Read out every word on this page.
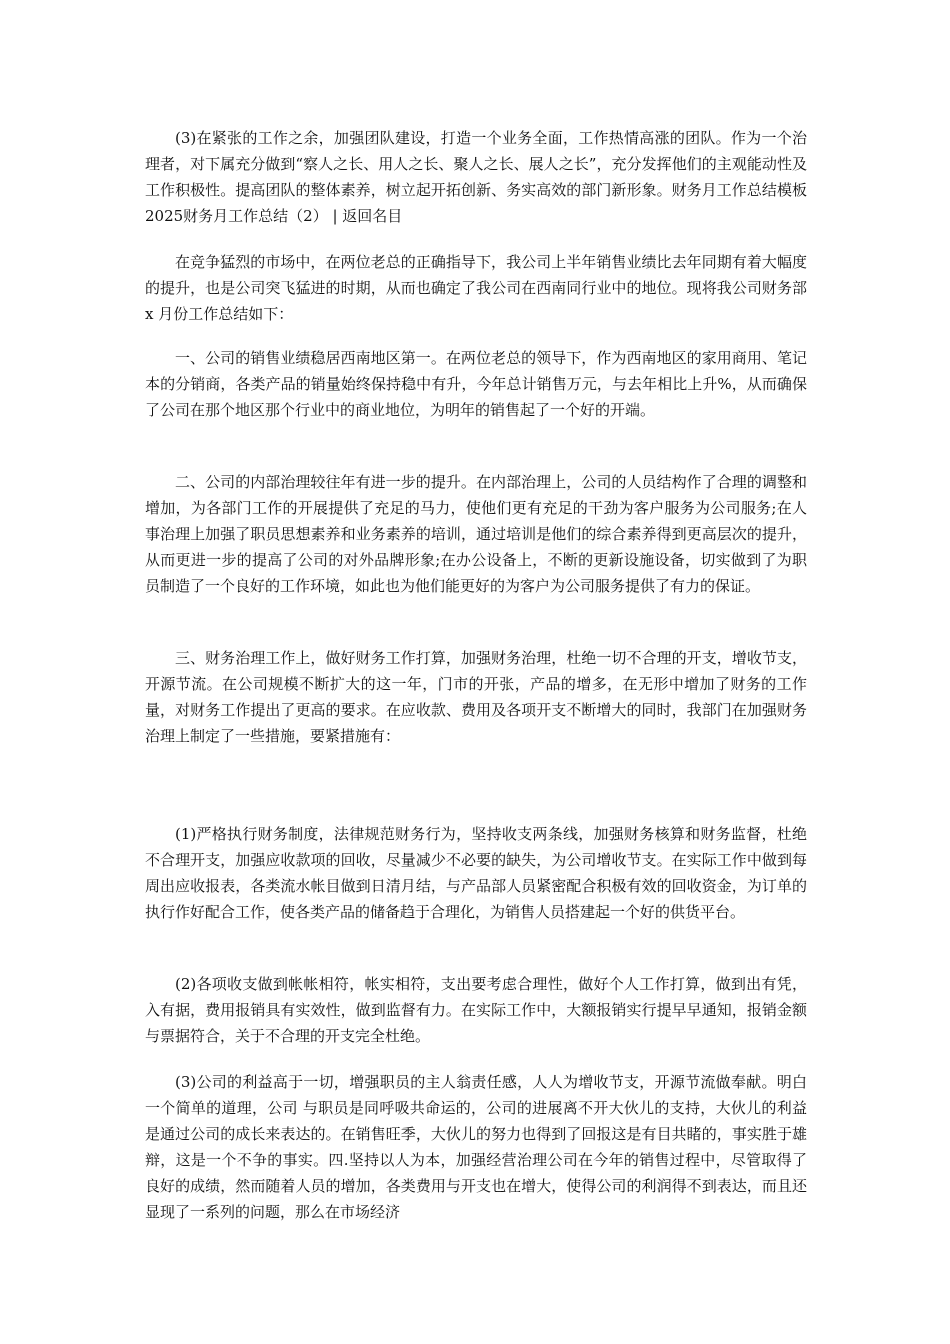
(3)在紧张的工作之余，加强团队建设，打造一个业务全面，工作热情高涨的团队。作为一个治理者，对下属充分做到“察人之长、用人之长、聚人之长、展人之长”，充分发挥他们的主观能动性及工作积极性。提高团队的整体素养，树立起开拓创新、务实高效的部门新形象。财务月工作总结模板2025财务月工作总结（2） | 返回名目

在竞争猛烈的市场中，在两位老总的正确指导下，我公司上半年销售业绩比去年同期有着大幅度的提升，也是公司突飞猛进的时期，从而也确定了我公司在西南同行业中的地位。现将我公司财务部 x 月份工作总结如下：

一、公司的销售业绩稳居西南地区第一。在两位老总的领导下，作为西南地区的家用商用、笔记本的分销商，各类产品的销量始终保持稳中有升，今年总计销售万元，与去年相比上升%，从而确保了公司在那个地区那个行业中的商业地位，为明年的销售起了一个好的开端。

二、公司的内部治理较往年有进一步的提升。在内部治理上，公司的人员结构作了合理的调整和增加，为各部门工作的开展提供了充足的马力，使他们更有充足的干劲为客户服务为公司服务;在人事治理上加强了职员思想素养和业务素养的培训，通过培训是他们的综合素养得到更高层次的提升，从而更进一步的提高了公司的对外品牌形象;在办公设备上，不断的更新设施设备，切实做到了为职员制造了一个良好的工作环境，如此也为他们能更好的为客户为公司服务提供了有力的保证。

三、财务治理工作上，做好财务工作打算，加强财务治理，杜绝一切不合理的开支，增收节支，开源节流。在公司规模不断扩大的这一年，门市的开张，产品的增多，在无形中增加了财务的工作量，对财务工作提出了更高的要求。在应收款、费用及各项开支不断增大的同时，我部门在加强财务治理上制定了一些措施，要紧措施有：

(1)严格执行财务制度，法律规范财务行为，坚持收支两条线，加强财务核算和财务监督，杜绝不合理开支，加强应收款项的回收，尽量减少不必要的缺失，为公司增收节支。在实际工作中做到每周出应收报表，各类流水帐目做到日清月结，与产品部人员紧密配合积极有效的回收资金，为订单的执行作好配合工作，使各类产品的储备趋于合理化，为销售人员搭建起一个好的供货平台。

(2)各项收支做到帐帐相符，帐实相符，支出要考虑合理性，做好个人工作打算，做到出有凭，入有据，费用报销具有实效性，做到监督有力。在实际工作中，大额报销实行提早早通知，报销金额与票据符合，关于不合理的开支完全杜绝。

(3)公司的利益高于一切，增强职员的主人翁责任感，人人为增收节支，开源节流做奉献。明白一个简单的道理，公司 与职员是同呼吸共命运的，公司的进展离不开大伙儿的支持，大伙儿的利益是通过公司的成长来表达的。在销售旺季，大伙儿的努力也得到了回报这是有目共睹的，事实胜于雄辩，这是一个不争的事实。四.坚持以人为本，加强经营治理公司在今年的销售过程中，尽管取得了良好的成绩，然而随着人员的增加，各类费用与开支也在增大，使得公司的利润得不到表达，而且还显现了一系列的问题，那么在市场经济
